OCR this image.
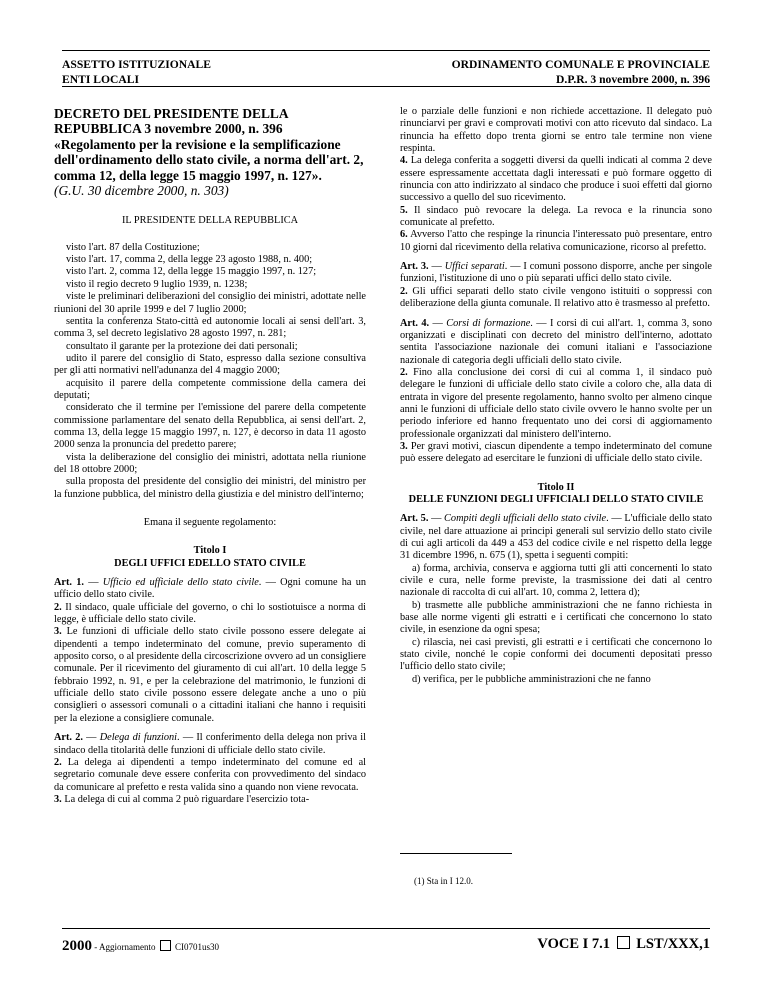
ASSETTO ISTITUZIONALE
ENTI LOCALI
ORDINAMENTO COMUNALE E PROVINCIALE
D.P.R. 3 novembre 2000, n. 396
DECRETO DEL PRESIDENTE DELLA REPUBBLICA 3 novembre 2000, n. 396
«Regolamento per la revisione e la semplificazione dell'ordinamento dello stato civile, a norma dell'art. 2, comma 12, della legge 15 maggio 1997, n. 127».
(G.U. 30 dicembre 2000, n. 303)
IL PRESIDENTE DELLA REPUBBLICA
visto l'art. 87 della Costituzione;
visto l'art. 17, comma 2, della legge 23 agosto 1988, n. 400;
visto l'art. 2, comma 12, della legge 15 maggio 1997, n. 127;
visto il regio decreto 9 luglio 1939, n. 1238;
viste le preliminari deliberazioni del consiglio dei ministri, adottate nelle riunioni del 30 aprile 1999 e del 7 luglio 2000;
sentita la conferenza Stato-città ed autonomie locali ai sensi dell'art. 3, comma 3, sel decreto legislativo 28 agosto 1997, n. 281;
consultato il garante per la protezione dei dati personali;
udito il parere del consiglio di Stato, espresso dalla sezione consultiva per gli atti normativi nell'adunanza del 4 maggio 2000;
acquisito il parere della competente commissione della camera dei deputati;
considerato che il termine per l'emissione del parere della competente commissione parlamentare del senato della Repubblica, ai sensi dell'art. 2, comma 13, della legge 15 maggio 1997, n. 127, è decorso in data 11 agosto 2000 senza la pronuncia del predetto parere;
vista la deliberazione del consiglio dei ministri, adottata nella riunione del 18 ottobre 2000;
sulla proposta del presidente del consiglio dei ministri, del ministro per la funzione pubblica, del ministro della giustizia e del ministro dell'interno;
Emana il seguente regolamento:
Titolo I
DEGLI UFFICI EDELLO STATO CIVILE
Art. 1. — Ufficio ed ufficiale dello stato civile. — Ogni comune ha un ufficio dello stato civile.
2. Il sindaco, quale ufficiale del governo, o chi lo sostiotuisce a norma di legge, è ufficiale dello stato civile.
3. Le funzioni di ufficiale dello stato civile possono essere delegate ai dipendenti a tempo indeterminato del comune, previo superamento di apposito corso, o al presidente della circoscrizione ovvero ad un consigliere comunale. Per il ricevimento del giuramento di cui all'art. 10 della legge 5 febbraio 1992, n. 91, e per la celebrazione del matrimonio, le funzioni di ufficiale dello stato civile possono essere delegate anche a uno o più consiglieri o assessori comunali o a cittadini italiani che hanno i requisiti per la elezione a consigliere comunale.
Art. 2. — Delega di funzioni. — Il conferimento della delega non priva il sindaco della titolarità delle funzioni di ufficiale dello stato civile.
2. La delega ai dipendenti a tempo indeterminato del comune ed al segretario comunale deve essere conferita con provvedimento del sindaco da comunicare al prefetto e resta valida sino a quando non viene revocata.
3. La delega di cui al comma 2 può riguardare l'esercizio tota-
le o parziale delle funzioni e non richiede accettazione. Il delegato può rinunciarvi per gravi e comprovati motivi con atto ricevuto dal sindaco. La rinuncia ha effetto dopo trenta giorni se entro tale termine non viene respinta.
4. La delega conferita a soggetti diversi da quelli indicati al comma 2 deve essere espressamente accettata dagli interessati e può formare oggetto di rinuncia con atto indirizzato al sindaco che produce i suoi effetti dal giorno successivo a quello del suo ricevimento.
5. Il sindaco può revocare la delega. La revoca e la rinuncia sono comunicate al prefetto.
6. Avverso l'atto che respinge la rinuncia l'interessato può presentare, entro 10 giorni dal ricevimento della relativa comunicazione, ricorso al prefetto.
Art. 3. — Uffici separati. — I comuni possono disporre, anche per singole funzioni, l'istituzione di uno o più separati uffici dello stato civile.
2. Gli uffici separati dello stato civile vengono istituiti o soppressi con deliberazione della giunta comunale. Il relativo atto è trasmesso al prefetto.
Art. 4. — Corsi di formazione. — I corsi di cui all'art. 1, comma 3, sono organizzati e disciplinati con decreto del ministro dell'interno, adottato sentita l'associazione nazionale dei comuni italiani e l'associazione nazionale di categoria degli ufficiali dello stato civile.
2. Fino alla conclusione dei corsi di cui al comma 1, il sindaco può delegare le funzioni di ufficiale dello stato civile a coloro che, alla data di entrata in vigore del presente regolamento, hanno svolto per almeno cinque anni le funzioni di ufficiale dello stato civile ovvero le hanno svolte per un periodo inferiore ed hanno frequentato uno dei corsi di aggiornamento professionale organizzati dal ministero dell'interno.
3. Per gravi motivi, ciascun dipendente a tempo indeterminato del comune può essere delegato ad esercitare le funzioni di ufficiale dello stato civile.
Titolo II
DELLE FUNZIONI DEGLI UFFICIALI DELLO STATO CIVILE
Art. 5. — Compiti degli ufficiali dello stato civile. — L'ufficiale dello stato civile, nel dare attuazione ai principi generali sul servizio dello stato civile di cui agli articoli da 449 a 453 del codice civile e nel rispetto della legge 31 dicembre 1996, n. 675 (1), spetta i seguenti compiti:
a) forma, archivia, conserva e aggiorna tutti gli atti concernenti lo stato civile e cura, nelle forme previste, la trasmissione dei dati al centro nazionale di raccolta di cui all'art. 10, comma 2, lettera d);
b) trasmette alle pubbliche amministrazioni che ne fanno richiesta in base alle norme vigenti gli estratti e i certificati che concernono lo stato civile, in esenzione da ogni spesa;
c) rilascia, nei casi previsti, gli estratti e i certificati che concernono lo stato civile, nonché le copie conformi dei documenti depositati presso l'ufficio dello stato civile;
d) verifica, per le pubbliche amministrazioni che ne fanno
(1) Sta in I 12.0.
2000 - Aggiornamento CI0701us30	VOCE I 7.1 LST/XXX,1
